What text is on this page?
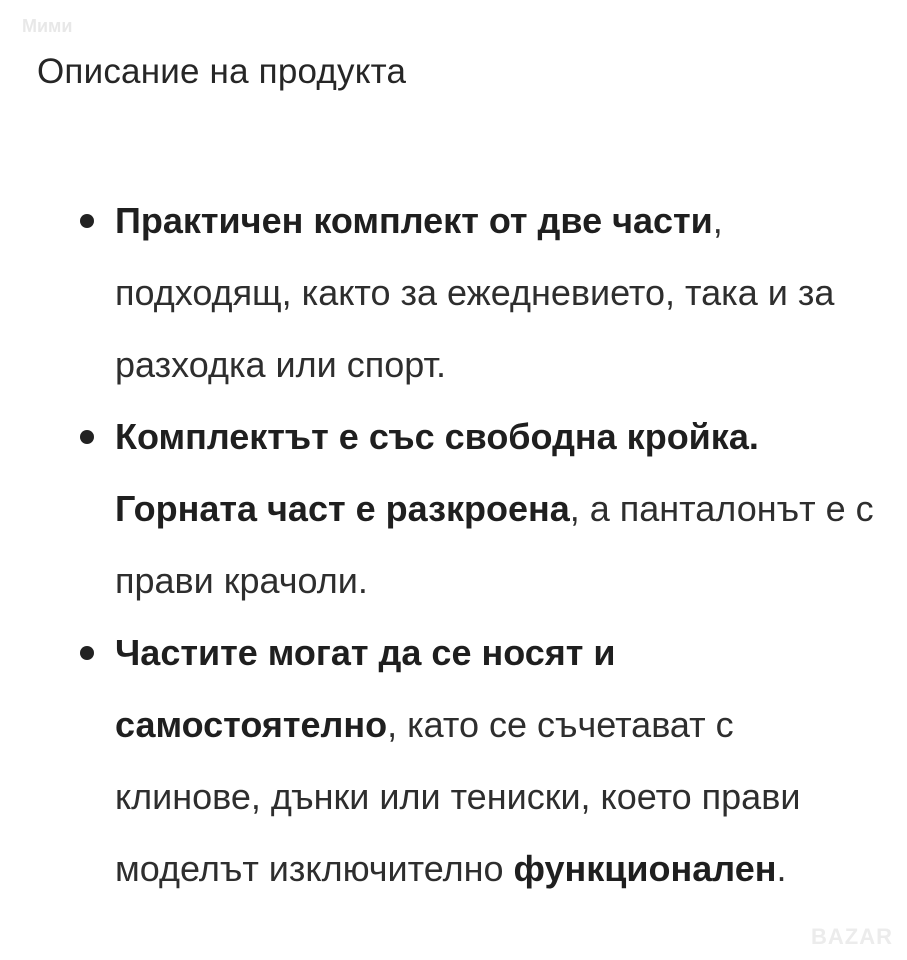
Мими
Описание на продукта
Практичен комплект от две части, подходящ, както за ежедневието, така и за разходка или спорт.
Комплектът е със свободна кройка. Горната част е разкроена, а панталонът е с прави крачоли.
Частите могат да се носят и самостоятелно, като се съчетават с клинове, дънки или тениски, което прави моделът изключително функционален.
BAZAR
